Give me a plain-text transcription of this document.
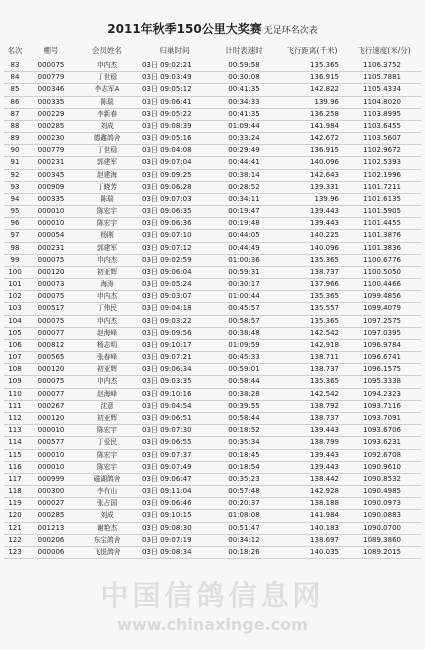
2011年秋季150公里大奖赛 无足环名次表
名次	棚号	会员姓名	归巢时间	计时表速时	飞行距离(千米)	飞行速度(米/分)
83	000075	申内杰	03日 09:02:21	00:59:58	135.365	1106.3752
84	000779	丁世稳	03日 09:03:49	00:30:08	136.915	1105.7881
85	000346	李志军A	03日 09:05:12	00:41:35	142.822	1105.4334
86	000335	陈瑞	03日 09:06:41	00:34:33	139.96	1104.8020
87	000229	李新春	03日 09:05:22	00:41:35	136.258	1103.8995
88	000285	刘成	03日 09:08:39	01:09:44	141.984	1103.6455
89	000230	德鑫鸽舍	03日 09:05:16	00:33:24	142.672	1103.5607
90	000779	丁世稳	03日 09:04:08	00:29:49	136.915	1102.9672
91	000231	郭建军	03日 09:07:04	00:44:41	140.096	1102.5393
92	000345	赵建海	03日 09:09:25	00:38:14	142.643	1102.1996
93	000909	丁晓芳	03日 09:06:28	00:28:52	139.331	1101.7211
94	000335	陈瑞	03日 09:07:03	00:34:11	139.96	1101.6135
95	000010	陈宏宇	03日 09:06:35	00:19:47	139.443	1101.5905
96	000010	陈宏宇	03日 09:06:36	00:19:48	139.443	1101.4455
97	000054	杨刚	03日 09:07:10	00:44:05	140.225	1101.3876
98	000231	郭建军	03日 09:07:12	00:44:49	140.096	1101.3836
99	000075	申内杰	03日 09:02:59	01:00:36	135.365	1100.6776
100	000120	初亚辉	03日 09:06:04	00:59:31	138.737	1100.5050
101	000073	海涛	03日 09:05:24	00:30:17	137.966	1100.4466
102	000075	申内杰	03日 09:03:07	01:00:44	135.365	1099.4856
103	000517	丁伟民	03日 09:04:18	00:45:57	135.557	1099.4079
104	000075	申内杰	03日 09:03:22	00:58:57	135.365	1097.2575
105	000077	赵海峰	03日 09:09:56	00:38:48	142.542	1097.0395
106	000812	杨志明	03日 09:10:17	01:09:59	142.918	1096.9784
107	000565	张春峰	03日 09:07:21	00:45:33	138.711	1096.6741
108	000120	初亚辉	03日 09:06:34	00:59:01	138.737	1096.1575
109	000075	申内杰	03日 09:03:35	00:58:44	135.365	1095.3338
110	000077	赵海峰	03日 09:10:16	00:38:28	142.542	1094.2323
111	000267	沈意	03日 09:04:54	00:39:55	138.792	1093.7116
112	000120	初亚辉	03日 09:06:51	00:58:44	138.737	1093.7091
113	000010	陈宏宇	03日 09:07:30	00:18:52	139.443	1093.6706
114	000577	丁爱民	03日 09:06:55	00:35:34	138.799	1093.6231
115	000010	陈宏宇	03日 09:07:37	00:18:45	139.443	1092.6708
116	000010	陈宏宇	03日 09:07:49	00:18:54	139.443	1090.9610
117	000999	磁湖鸽舍	03日 09:06:47	00:35:23	138.442	1090.8532
118	000300	李有山	03日 09:11:04	00:57:48	142.928	1090.4985
119	000027	张占国	03日 09:06:46	00:20:37	138.188	1090.0973
120	000285	刘成	03日 09:10:15	01:08:08	141.984	1090.0883
121	001213	谢艳杰	03日 09:08:30	00:51:47	140.183	1090.0700
122	000206	东宝鸽舍	03日 09:07:19	00:34:12	138.697	1089.3860
123	000006	飞悦鸽舍	03日 09:08:34	00:18:26	140.035	1089.2015
中国信鸽信息网
www.chinaxinge.com
